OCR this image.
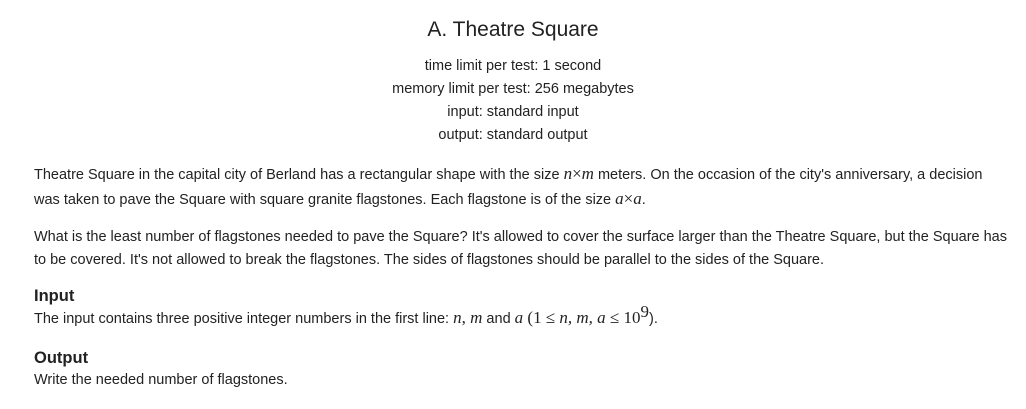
A. Theatre Square
time limit per test: 1 second
memory limit per test: 256 megabytes
input: standard input
output: standard output
Theatre Square in the capital city of Berland has a rectangular shape with the size n×m meters. On the occasion of the city's anniversary, a decision was taken to pave the Square with square granite flagstones. Each flagstone is of the size a×a.
What is the least number of flagstones needed to pave the Square? It's allowed to cover the surface larger than the Theatre Square, but the Square has to be covered. It's not allowed to break the flagstones. The sides of flagstones should be parallel to the sides of the Square.
Input
The input contains three positive integer numbers in the first line: n, m and a (1 ≤ n, m, $a \le 10^9$).
Output
Write the needed number of flagstones.
